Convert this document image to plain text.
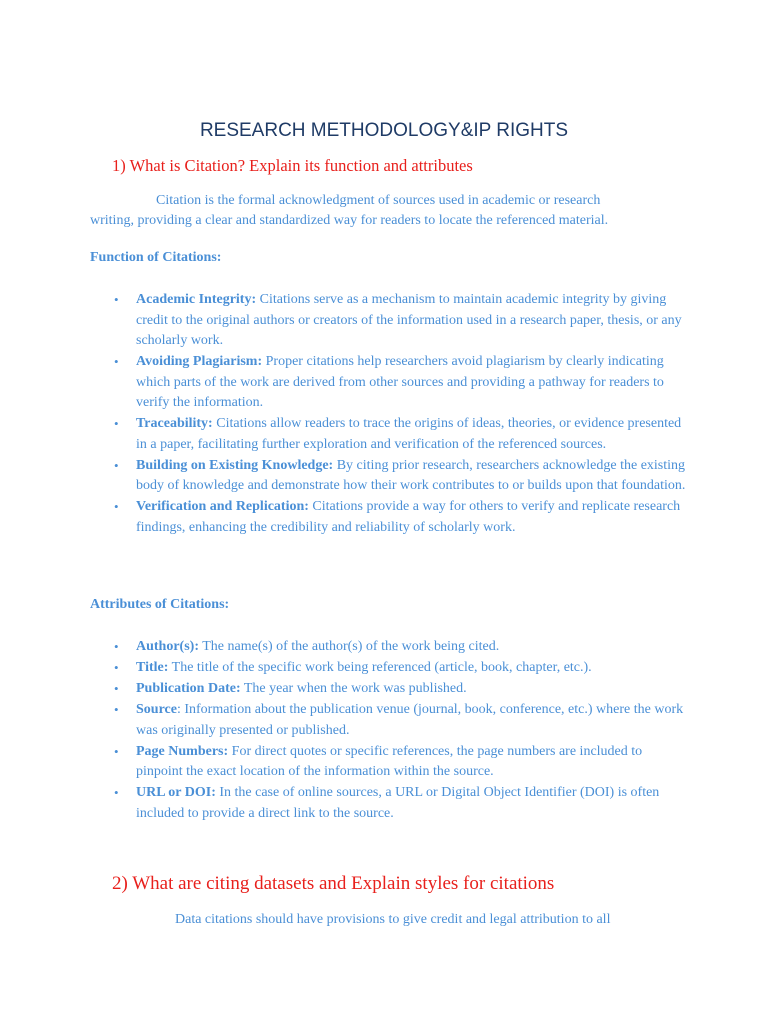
RESEARCH METHODOLOGY&IP RIGHTS
1) What is Citation? Explain its function and attributes
Citation is the formal acknowledgment of sources used in academic or research
writing, providing a clear and standardized way for readers to locate the referenced material.
Function of Citations:
• Academic Integrity: Citations serve as a mechanism to maintain academic integrity by giving credit to the original authors or creators of the information used in a research paper, thesis, or any scholarly work.
• Avoiding Plagiarism: Proper citations help researchers avoid plagiarism by clearly indicating which parts of the work are derived from other sources and providing a pathway for readers to verify the information.
• Traceability: Citations allow readers to trace the origins of ideas, theories, or evidence presented in a paper, facilitating further exploration and verification of the referenced sources.
• Building on Existing Knowledge: By citing prior research, researchers acknowledge the existing body of knowledge and demonstrate how their work contributes to or builds upon that foundation.
• Verification and Replication: Citations provide a way for others to verify and replicate research findings, enhancing the credibility and reliability of scholarly work.
Attributes of Citations:
• Author(s): The name(s) of the author(s) of the work being cited.
• Title: The title of the specific work being referenced (article, book, chapter, etc.).
• Publication Date: The year when the work was published.
• Source: Information about the publication venue (journal, book, conference, etc.) where the work was originally presented or published.
• Page Numbers: For direct quotes or specific references, the page numbers are included to pinpoint the exact location of the information within the source.
• URL or DOI: In the case of online sources, a URL or Digital Object Identifier (DOI) is often included to provide a direct link to the source.
2) What are citing datasets and Explain styles for citations
Data citations should have provisions to give credit and legal attribution to all
